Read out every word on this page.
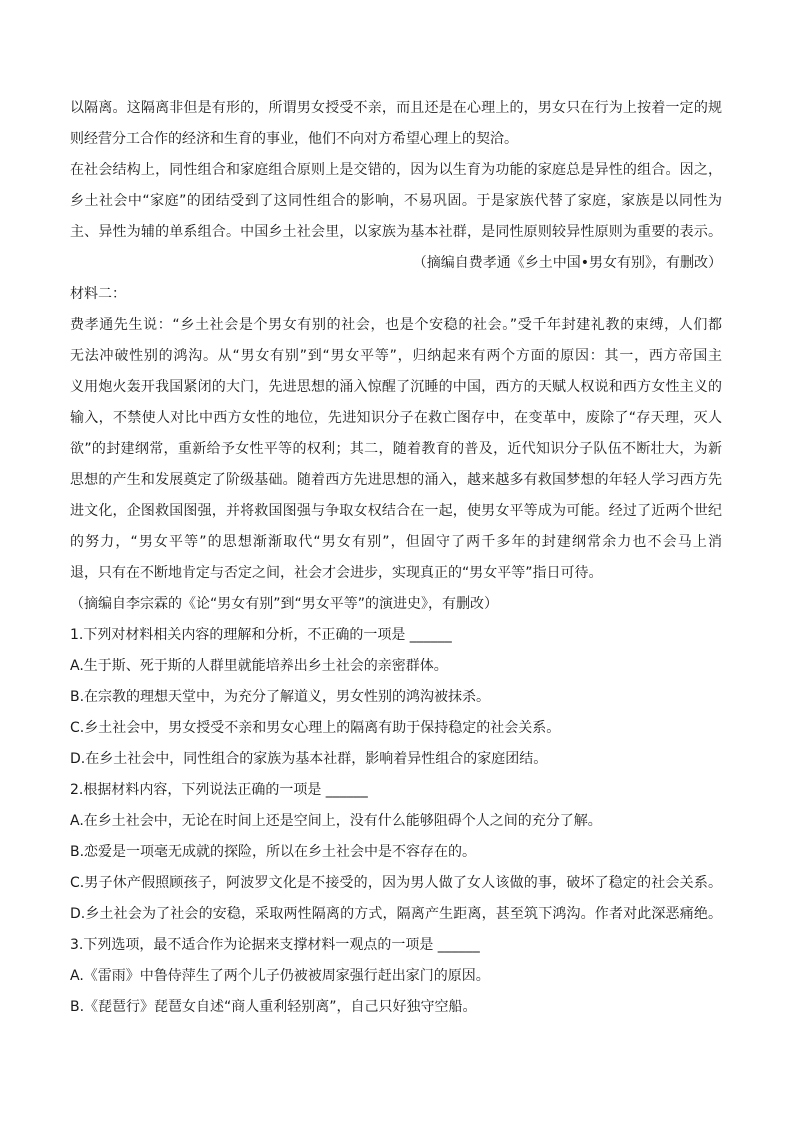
以隔离。这隔离非但是有形的，所谓男女授受不亲，而且还是在心理上的，男女只在行为上按着一定的规
则经营分工合作的经济和生育的事业，他们不向对方希望心理上的契洽。
在社会结构上，同性组合和家庭组合原则上是交错的，因为以生育为功能的家庭总是异性的组合。因之，
乡土社会中“家庭”的团结受到了这同性组合的影响，不易巩固。于是家族代替了家庭，家族是以同性为
主、异性为辅的单系组合。中国乡土社会里，以家族为基本社群，是同性原则较异性原则为重要的表示。
（摘编自费孝通《乡土中国•男女有别》，有删改）
材料二：
费孝通先生说：“乡土社会是个男女有别的社会，也是个安稳的社会。”受千年封建礼教的束缚，人们都
无法冲破性别的鸿沟。从“男女有别”到“男女平等”，归纳起来有两个方面的原因：其一，西方帝国主
义用炮火轰开我国紧闭的大门，先进思想的涌入惊醒了沉睡的中国，西方的天赋人权说和西方女性主义的
输入，不禁使人对比中西方女性的地位，先进知识分子在救亡图存中，在变革中，废除了“存天理，灭人
欲”的封建纲常，重新给予女性平等的权利；其二，随着教育的普及，近代知识分子队伍不断壮大，为新
思想的产生和发展奠定了阶级基础。随着西方先进思想的涌入，越来越多有救国梦想的年轻人学习西方先
进文化，企图救国图强，并将救国图强与争取女权结合在一起，使男女平等成为可能。经过了近两个世纪
的努力，“男女平等”的思想渐渐取代“男女有别”，但固守了两千多年的封建纲常余力也不会马上消
退，只有在不断地肯定与否定之间，社会才会进步，实现真正的“男女平等”指日可待。
（摘编自李宗霖的《论“男女有别”到“男女平等”的演进史》，有删改）
1.下列对材料相关内容的理解和分析，不正确的一项是 ______
A.生于斯、死于斯的人群里就能培养出乡土社会的亲密群体。
B.在宗教的理想天堂中，为充分了解道义，男女性别的鸿沟被抹杀。
C.乡土社会中，男女授受不亲和男女心理上的隔离有助于保持稳定的社会关系。
D.在乡土社会中，同性组合的家族为基本社群，影响着异性组合的家庭团结。
2.根据材料内容，下列说法正确的一项是 ______
A.在乡土社会中，无论在时间上还是空间上，没有什么能够阻碍个人之间的充分了解。
B.恋爱是一项毫无成就的探险，所以在乡土社会中是不容存在的。
C.男子休产假照顾孩子，阿波罗文化是不接受的，因为男人做了女人该做的事，破坏了稳定的社会关系。
D.乡土社会为了社会的安稳，采取两性隔离的方式，隔离产生距离，甚至筑下鸿沟。作者对此深恶痛绝。
3.下列选项，最不适合作为论据来支撑材料一观点的一项是 ______
A.《雷雨》中鲁侍萍生了两个儿子仍被被周家强行赶出家门的原因。
B.《琵琶行》琵琶女自述“商人重利轻别离”，自己只好独守空船。
